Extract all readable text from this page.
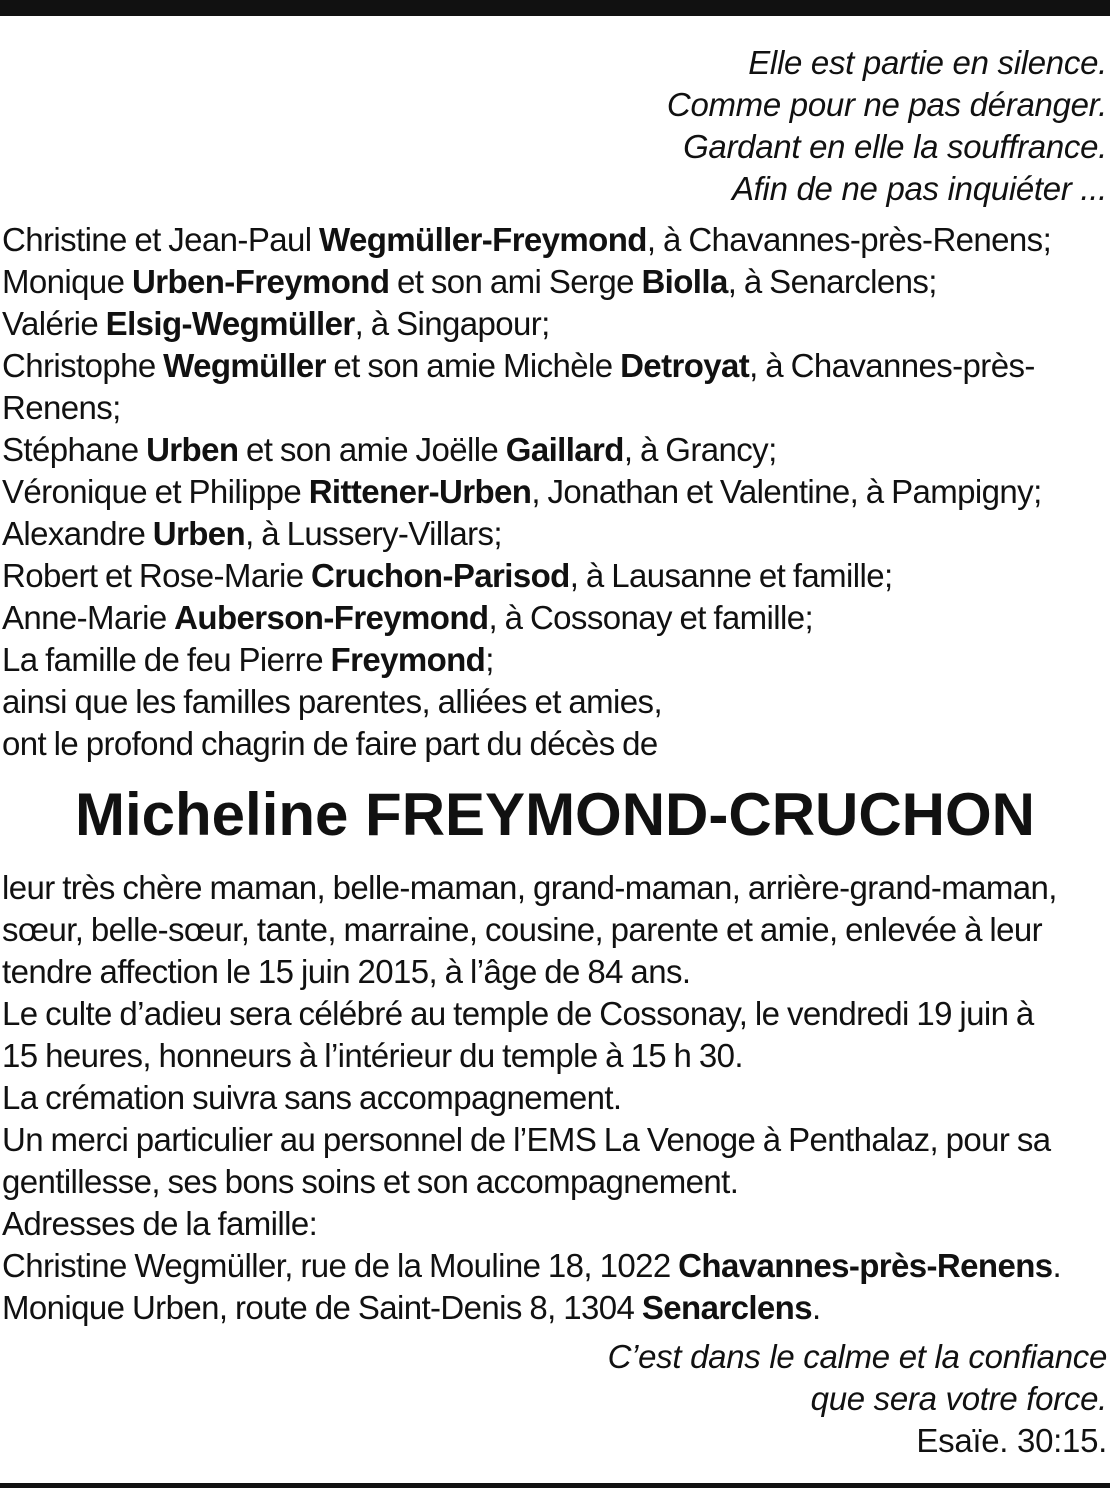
Elle est partie en silence.
Comme pour ne pas déranger.
Gardant en elle la souffrance.
Afin de ne pas inquiéter ...
Christine et Jean-Paul Wegmüller-Freymond, à Chavannes-près-Renens;
Monique Urben-Freymond et son ami Serge Biolla, à Senarclens;
Valérie Elsig-Wegmüller, à Singapour;
Christophe Wegmüller et son amie Michèle Detroyat, à Chavannes-près-
Renens;
Stéphane Urben et son amie Joëlle Gaillard, à Grancy;
Véronique et Philippe Rittener-Urben, Jonathan et Valentine, à Pampigny;
Alexandre Urben, à Lussery-Villars;
Robert et Rose-Marie Cruchon-Parisod, à Lausanne et famille;
Anne-Marie Auberson-Freymond, à Cossonay et famille;
La famille de feu Pierre Freymond;
ainsi que les familles parentes, alliées et amies,
ont le profond chagrin de faire part du décès de
Micheline FREYMOND-CRUCHON
leur très chère maman, belle-maman, grand-maman, arrière-grand-maman,
sœur, belle-sœur, tante, marraine, cousine, parente et amie, enlevée à leur
tendre affection le 15 juin 2015, à l’âge de 84 ans.
Le culte d’adieu sera célébré au temple de Cossonay, le vendredi 19 juin à
15 heures, honneurs à l’intérieur du temple à 15 h 30.
La crémation suivra sans accompagnement.
Un merci particulier au personnel de l’EMS La Venoge à Penthalaz, pour sa
gentillesse, ses bons soins et son accompagnement.
Adresses de la famille:
Christine Wegmüller, rue de la Mouline 18, 1022 Chavannes-près-Renens.
Monique Urben, route de Saint-Denis 8, 1304 Senarclens.
C’est dans le calme et la confiance
que sera votre force.
Esaïe. 30:15.
